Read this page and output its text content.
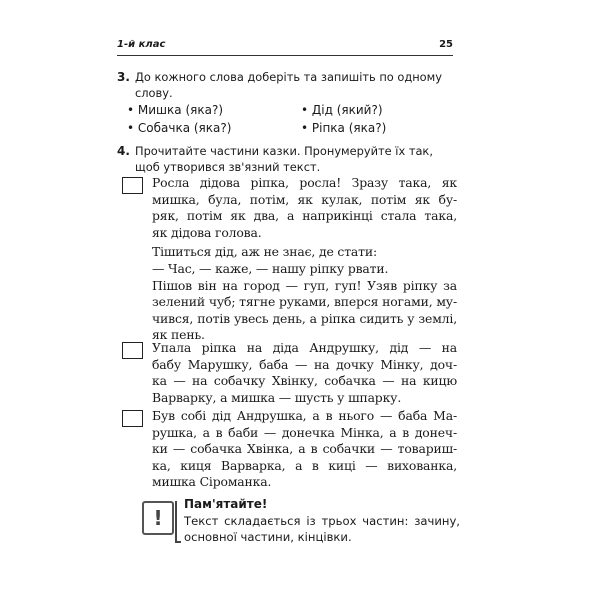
1-й клас	25
3. До кожного слова доберіть та запишіть по одному
слову.
• Мишка (яка?)	• Дід (який?)
• Собачка (яка?)	• Ріпка (яка?)
4. Прочитайте частини казки. Пронумеруйте їх так,
щоб утворився зв'язний текст.
Росла дідова ріпка, росла! Зразу така, як
мишка, була, потім, як кулак, потім як бу-
ряк, потім як два, а наприкінці стала така,
як дідова голова.
Тішиться дід, аж не знає, де стати:
— Час, — каже, — нашу ріпку рвати.
Пішов він на город — гуп, гуп! Узяв ріпку за
зелений чуб; тягне руками, вперся ногами, му-
чився, потів увесь день, а ріпка сидить у землі,
як пень.
Упала ріпка на діда Андрушку, дід — на
бабу Марушку, баба — на дочку Мінку, доч-
ка — на собачку Хвінку, собачка — на кицю
Варварку, а мишка — шусть у шпарку.
Був собі дід Андрушка, а в нього — баба Ма-
рушка, а в баби — донечка Мінка, а в донеч-
ки — собачка Хвінка, а в собачки — товариш-
ка, киця Варварка, а в киці — вихованка,
мишка Сіроманка.
!
Пам'ятайте!
Текст складається із трьох частин: зачину,
основної частини, кінцівки.
